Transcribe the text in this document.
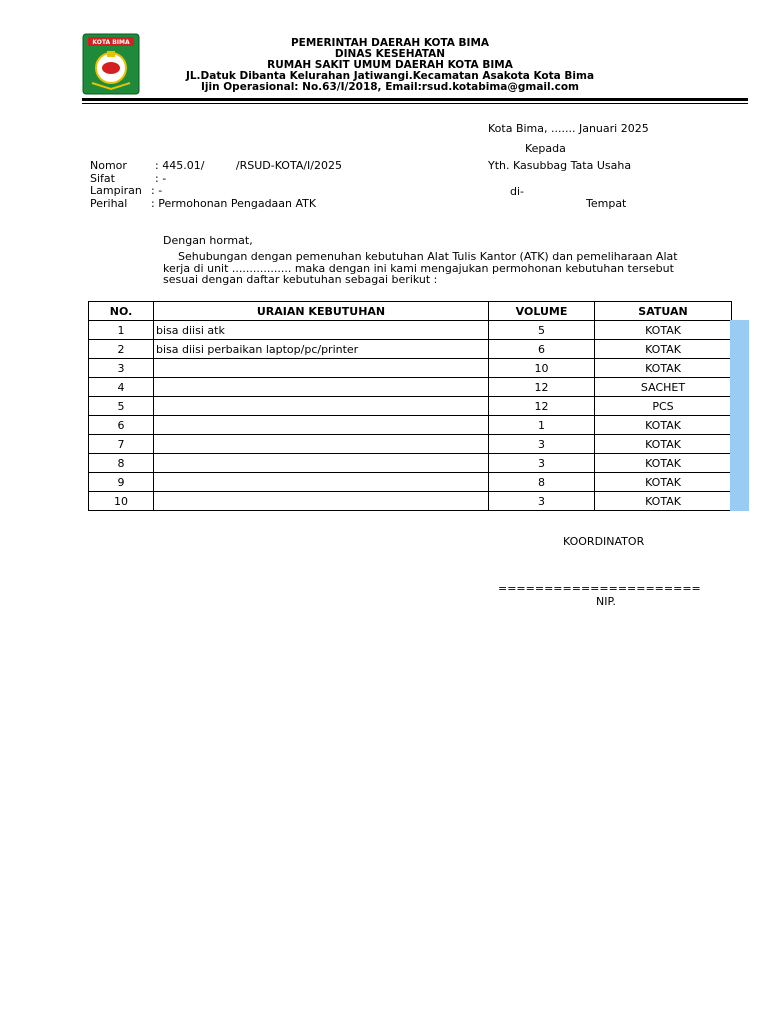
KOTA BIMA	PEMERINTAH DAERAH KOTA BIMA
DINAS KESEHATAN
RUMAH SAKIT UMUM DAERAH KOTA BIMA
JL.Datuk Dibanta Kelurahan Jatiwangi.Kecamatan Asakota Kota Bima
Ijin Operasional: No.63/I/2018, Email:rsud.kotabima@gmail.com
Kota Bima, ....... Januari 2025
Kepada
Yth. Kasubbag Tata Usaha
di-
Tempat
Nomor	: 445.01/         /RSUD-KOTA/I/2025
Sifat	: -
Lampiran : -
Perihal : Permohonan Pengadaan ATK
Dengan hormat,
Sehubungan dengan pemenuhan kebutuhan Alat Tulis Kantor (ATK) dan pemeliharaan Alat
kerja di unit ................. maka dengan ini kami mengajukan permohonan kebutuhan tersebut
sesuai dengan daftar kebutuhan sebagai berikut :
NO.	URAIAN KEBUTUHAN	VOLUME	SATUAN
1	bisa diisi atk	5	KOTAK
2	bisa diisi perbaikan laptop/pc/printer	6	KOTAK
3		10	KOTAK
4		12	SACHET
5		12	PCS
6		1	KOTAK
7		3	KOTAK
8		3	KOTAK
9		8	KOTAK
10		3	KOTAK
KOORDINATOR
======================
NIP.
